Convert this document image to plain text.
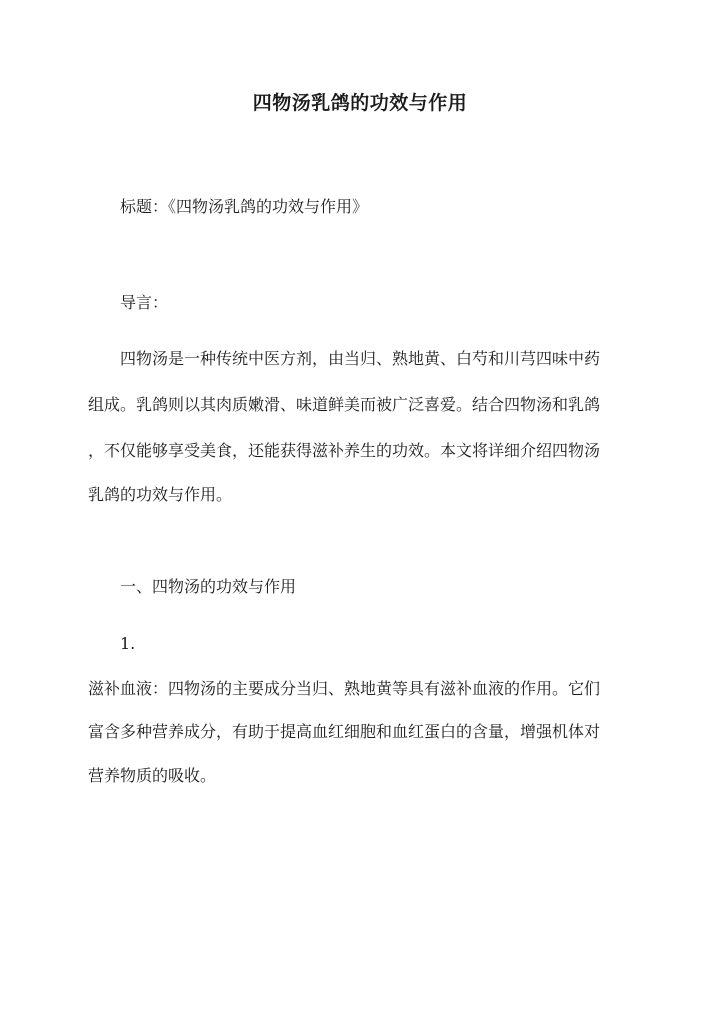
四物汤乳鸽的功效与作用

标题：《四物汤乳鸽的功效与作用》

导言：

四物汤是一种传统中医方剂，由当归、熟地黄、白芍和川芎四味中药

组成。乳鸽则以其肉质嫩滑、味道鲜美而被广泛喜爱。结合四物汤和乳鸽

，不仅能够享受美食，还能获得滋补养生的功效。本文将详细介绍四物汤

乳鸽的功效与作用。

一、四物汤的功效与作用

1.

滋补血液：四物汤的主要成分当归、熟地黄等具有滋补血液的作用。它们

富含多种营养成分，有助于提高血红细胞和血红蛋白的含量，增强机体对

营养物质的吸收。
